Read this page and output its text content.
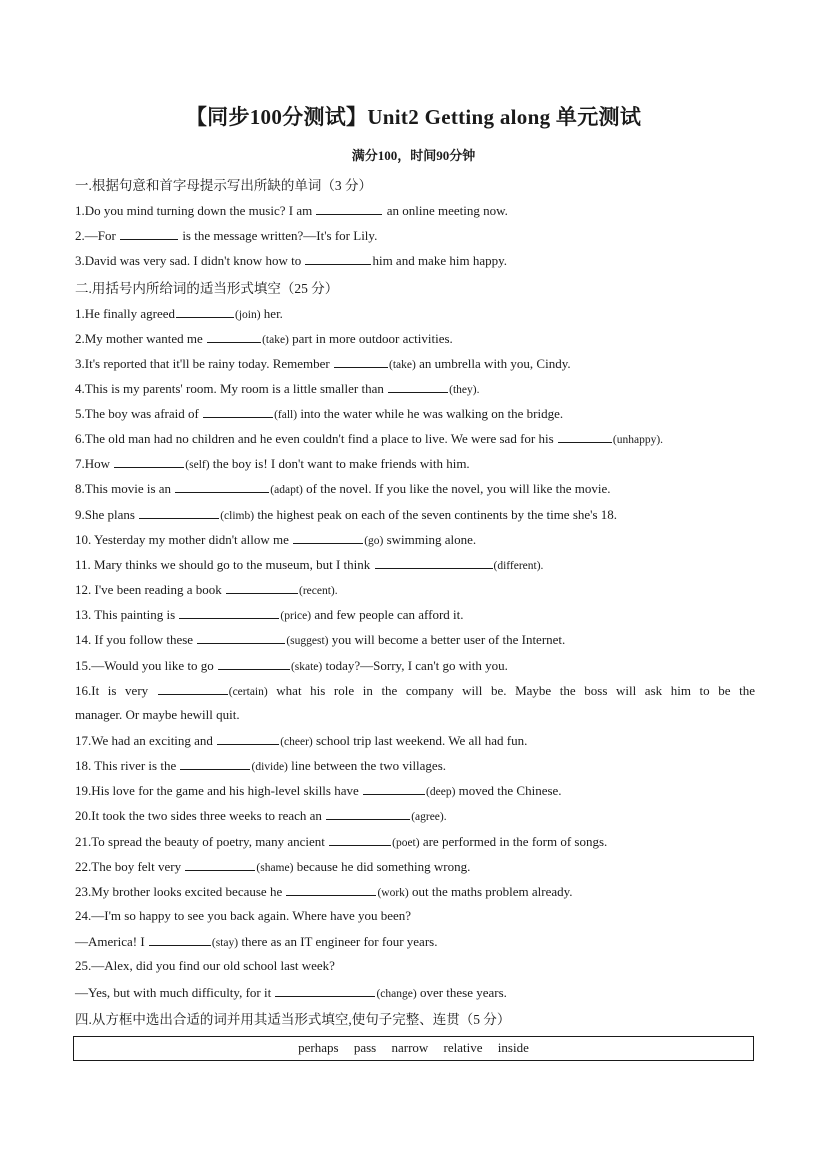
【同步100分测试】Unit2 Getting along 单元测试
满分100，时间90分钟
一.根据句意和首字母提示写出所缺的单词（3 分）
1.Do you mind turning down the music? I am	an online meeting now.
2.—For	is the message written?—It's for Lily.
3.David was very sad. I didn't know how to	him and make him happy.
二.用括号内所给词的适当形式填空（25 分）
1.He finally agreed	(join) her.
2.My mother wanted me	(take) part in more outdoor activities.
3.It's reported that it'll be rainy today. Remember	(take) an umbrella with you, Cindy.
4.This is my parents' room. My room is a little smaller than	(they).
5.The boy was afraid of	(fall) into the water while he was walking on the bridge.
6.The old man had no children and he even couldn't find a place to live. We were sad for his	(unhappy).
7.How	(self) the boy is! I don't want to make friends with him.
8.This movie is an	(adapt) of the novel. If you like the novel, you will like the movie.
9.She plans	(climb) the highest peak on each of the seven continents by the time she's 18.
10. Yesterday my mother didn't allow me	(go) swimming alone.
11. Mary thinks we should go to the museum, but I think	(different).
12. I've been reading a book	(recent).
13. This painting is	(price) and few people can afford it.
14. If you follow these	(suggest) you will become a better user of the Internet.
15.—Would you like to go	(skate) today?—Sorry, I can't go with you.
16.It is very	(certain) what his role in the company will be. Maybe the boss will ask him to be the
manager. Or maybe hewill quit.
17.We had an exciting and	(cheer) school trip last weekend. We all had fun.
18. This river is the	(divide) line between the two villages.
19.His love for the game and his high-level skills have	(deep) moved the Chinese.
20.It took the two sides three weeks to reach an	(agree).
21.To spread the beauty of poetry, many ancient	(poet) are performed in the form of songs.
22.The boy felt very	(shame) because he did something wrong.
23.My brother looks excited because he	(work) out the maths problem already.
24.—I'm so happy to see you back again. Where have you been?
—America! I	(stay) there as an IT engineer for four years.
25.—Alex, did you find our old school last week?
—Yes, but with much difficulty, for it	(change) over these years.
四.从方框中选出合适的词并用其适当形式填空,使句子完整、连贯（5 分）
perhaps pass narrow relative inside
